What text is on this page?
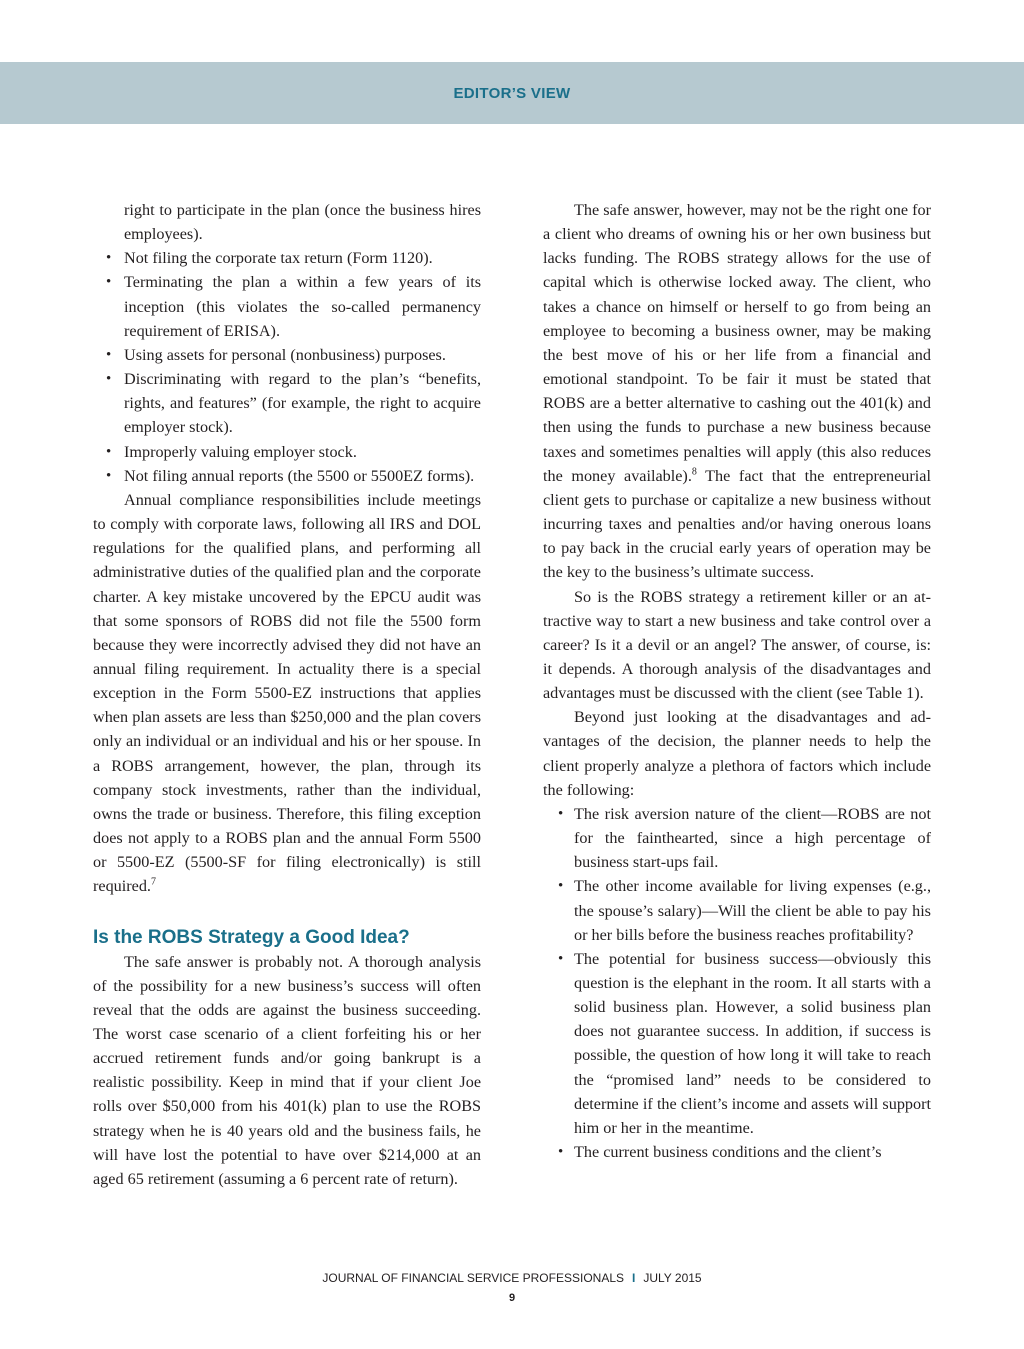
EDITOR’S VIEW

right to participate in the plan (once the business hires employees).

• Not filing the corporate tax return (Form 1120).
• Terminating the plan a within a few years of its inception (this violates the so-called permanency requirement of ERISA).
• Using assets for personal (nonbusiness) purposes.
• Discriminating with regard to the plan’s “benefits, rights, and features” (for example, the right to acquire employer stock).
• Improperly valuing employer stock.
• Not filing annual reports (the 5500 or 5500EZ forms).

Annual compliance responsibilities include meetings to comply with corporate laws, following all IRS and DOL regulations for the qualified plans, and performing all administrative duties of the qualified plan and the corporate charter. A key mistake uncovered by the EPCU audit was that some sponsors of ROBS did not file the 5500 form because they were incorrectly advised they did not have an annual filing requirement. In actuality there is a special exception in the Form 5500-EZ instructions that applies when plan assets are less than $250,000 and the plan covers only an individual or an individual and his or her spouse. In a ROBS arrangement, however, the plan, through its company stock investments, rather than the individual, owns the trade or business. Therefore, this filing exception does not apply to a ROBS plan and the annual Form 5500 or 5500-EZ (5500-SF for filing electronically) is still required.$^7$

Is the ROBS Strategy a Good Idea?

The safe answer is probably not. A thorough analysis of the possibility for a new business’s success will often reveal that the odds are against the business succeeding. The worst case scenario of a client forfeiting his or her accrued retirement funds and/or going bankrupt is a realistic possibility. Keep in mind that if your client Joe rolls over $50,000 from his 401(k) plan to use the ROBS strategy when he is 40 years old and the business fails, he will have lost the potential to have over $214,000 at an aged 65 retirement (assuming a 6 percent rate of return).

The safe answer, however, may not be the right one for a client who dreams of owning his or her own business but lacks funding. The ROBS strategy allows for the use of capital which is otherwise locked away. The client, who takes a chance on himself or herself to go from being an employee to becoming a business owner, may be making the best move of his or her life from a financial and emotional standpoint. To be fair it must be stated that ROBS are a better alternative to cashing out the 401(k) and then using the funds to purchase a new business because taxes and sometimes penalties will apply (this also reduces the money available).$^8$ The fact that the entrepreneurial client gets to purchase or capitalize a new business without incurring taxes and penalties and/or having onerous loans to pay back in the crucial early years of operation may be the key to the business’s ultimate success.

So is the ROBS strategy a retirement killer or an attractive way to start a new business and take control over a career? Is it a devil or an angel? The answer, of course, is: it depends. A thorough analysis of the disadvantages and advantages must be discussed with the client (see Table 1).

Beyond just looking at the disadvantages and advantages of the decision, the planner needs to help the client properly analyze a plethora of factors which include the following:

• The risk aversion nature of the client—ROBS are not for the fainthearted, since a high percentage of business start-ups fail.
• The other income available for living expenses (e.g., the spouse’s salary)—Will the client be able to pay his or her bills before the business reaches profitability?
• The potential for business success—obviously this question is the elephant in the room. It all starts with a solid business plan. However, a solid business plan does not guarantee success. In addition, if success is possible, the question of how long it will take to reach the “promised land” needs to be considered to determine if the client’s income and assets will support him or her in the meantime.
• The current business conditions and the client’s
JOURNAL OF FINANCIAL SERVICE PROFESSIONALS I JULY 2015
9
